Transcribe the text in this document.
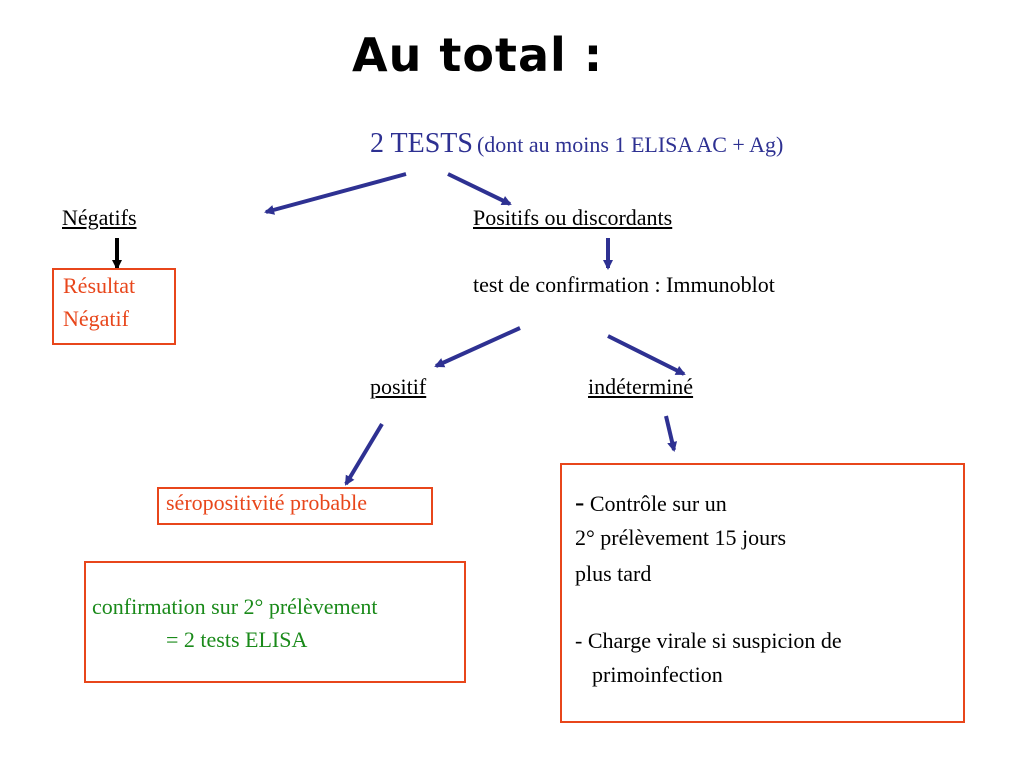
Au total :
2 TESTS (dont au moins 1 ELISA AC + Ag)
Négatifs
Résultat
Négatif
Positifs ou discordants
test de confirmation : Immunoblot
positif
séropositivité probable
confirmation sur 2° prélèvement
= 2 tests ELISA
indéterminé
- Contrôle sur un
2° prélèvement 15 jours
plus tard
- Charge virale si suspicion de
primoinfection
